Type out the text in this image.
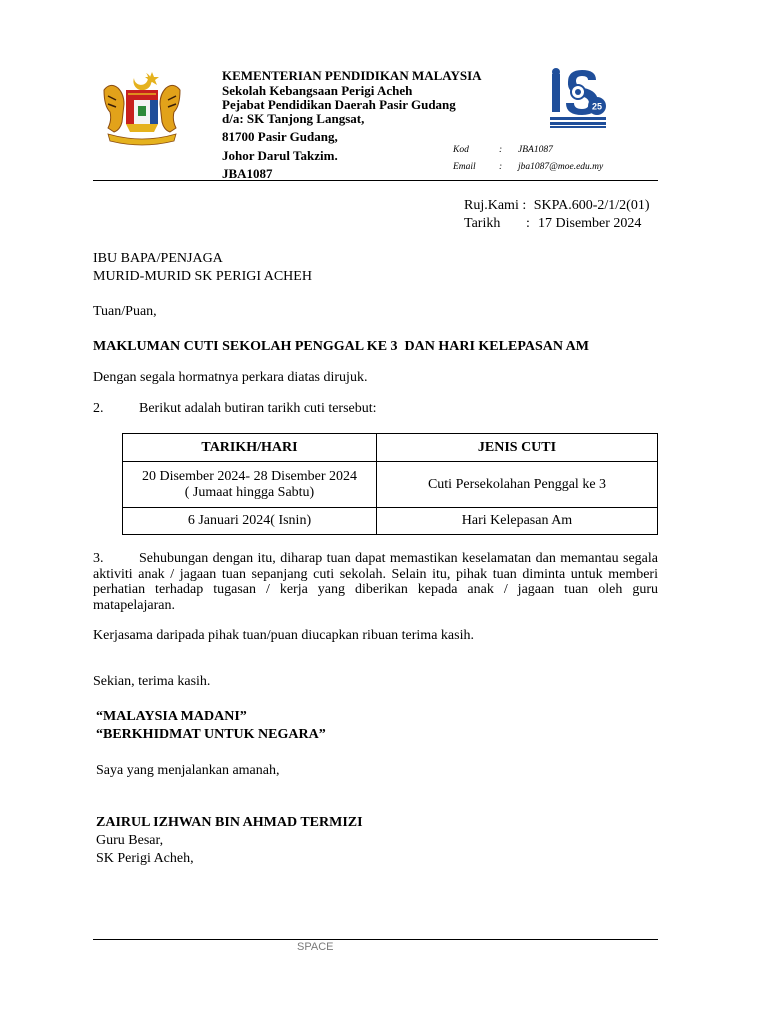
KEMENTERIAN PENDIDIKAN MALAYSIA
Sekolah Kebangsaan Perigi Acheh
Pejabat Pendidikan Daerah Pasir Gudang
d/a: SK Tanjong Langsat,
81700 Pasir Gudang,
Johor Darul Takzim.
JBA1087
Kod	: JBA1087
Email : jba1087@moe.edu.my
25
Ruj.Kami : SKPA.600-2/1/2(01)
Tarikh : 17 Disember 2024
IBU BAPA/PENJAGA
MURID-MURID SK PERIGI ACHEH
Tuan/Puan,
MAKLUMAN CUTI SEKOLAH PENGGAL KE 3  DAN HARI KELEPASAN AM
Dengan segala hormatnya perkara diatas dirujuk.
2.	Berikut adalah butiran tarikh cuti tersebut:
TARIKH/HARI	JENIS CUTI

20 Disember 2024- 28 Disember 2024
( Jumaat hingga Sabtu)	Cuti Persekolahan Penggal ke 3
6 Januari 2024( Isnin)	Hari Kelepasan Am
3.	Sehubungan dengan itu, diharap tuan dapat memastikan keselamatan dan memantau segala aktiviti anak / jagaan tuan sepanjang cuti sekolah. Selain itu, pihak tuan diminta untuk memberi perhatian terhadap tugasan / kerja yang diberikan kepada anak / jagaan tuan oleh guru matapelajaran.
Kerjasama daripada pihak tuan/puan diucapkan ribuan terima kasih.
Sekian, terima kasih.
“MALAYSIA MADANI”
“BERKHIDMAT UNTUK NEGARA”
Saya yang menjalankan amanah,
ZAIRUL IZHWAN BIN AHMAD TERMIZI
Guru Besar,
SK Perigi Acheh,
SPACE
